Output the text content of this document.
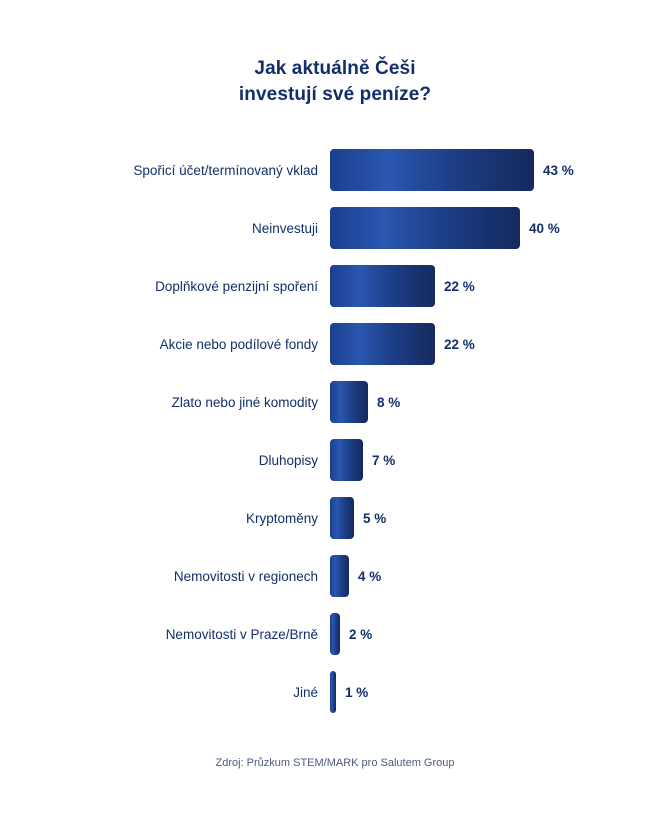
Jak aktuálně Češi
investují své peníze?
Spořicí účet/termínovaný vklad	43 %
Neinvestuji	40 %
Doplňkové penzijní spoření	22 %
Akcie nebo podílové fondy	22 %
Zlato nebo jiné komodity	8 %
Dluhopisy	7 %
Kryptoměny	5 %
Nemovitosti v regionech	4 %
Nemovitosti v Praze/Brně	2 %
Jiné	1 %
Zdroj: Průzkum STEM/MARK pro Salutem Group
